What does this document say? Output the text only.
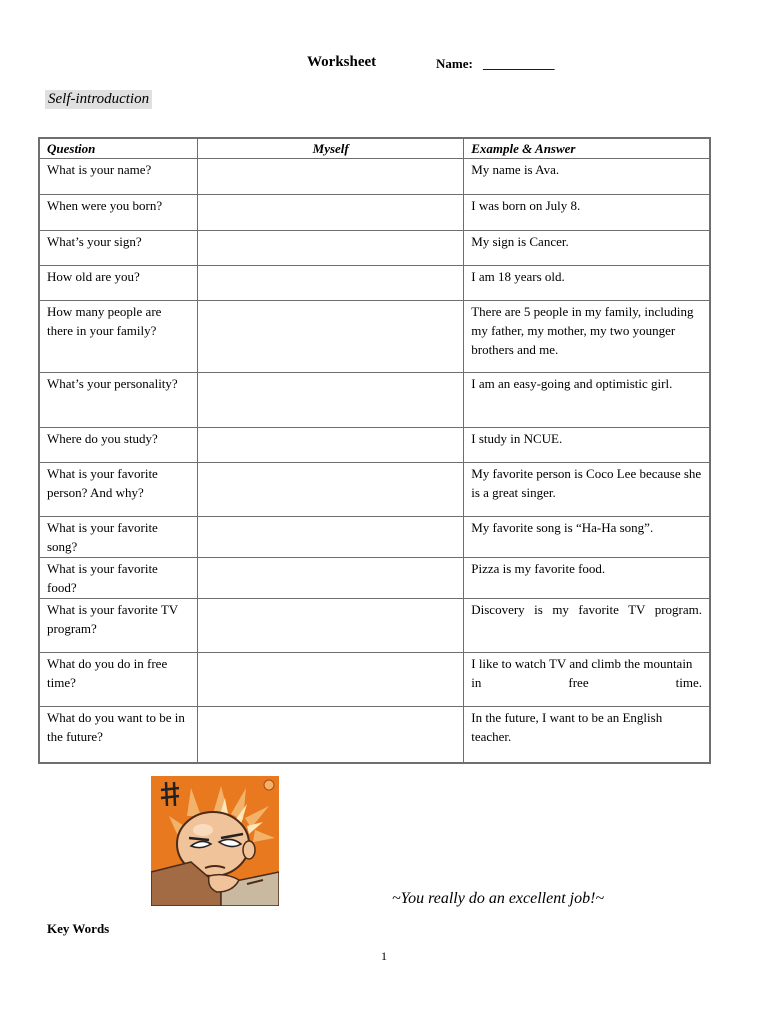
Worksheet	Name: ___________
Self-introduction
Question	Myself	Example & Answer
What is your name?		My name is Ava.
When were you born?		I was born on July 8.
What’s your sign?		My sign is Cancer.
How old are you?		I am 18 years old.
How many people are there in your family?		There are 5 people in my family, including my father, my mother, my two younger brothers and me.
What’s your personality?		I am an easy-going and optimistic girl.
Where do you study?		I study in NCUE.
What is your favorite person? And why?		My favorite person is Coco Lee because she is a great singer.
What is your favorite song?		My favorite song is “Ha-Ha song”.
What is your favorite food?		Pizza is my favorite food.
What is your favorite TV program?		Discovery is my favorite TV program.
What do you do in free time?		I like to watch TV and climb the mountain in free time.
What do you want to be in the future?		In the future, I want to be an English teacher.
~You really do an excellent job!~
Key Words
1
